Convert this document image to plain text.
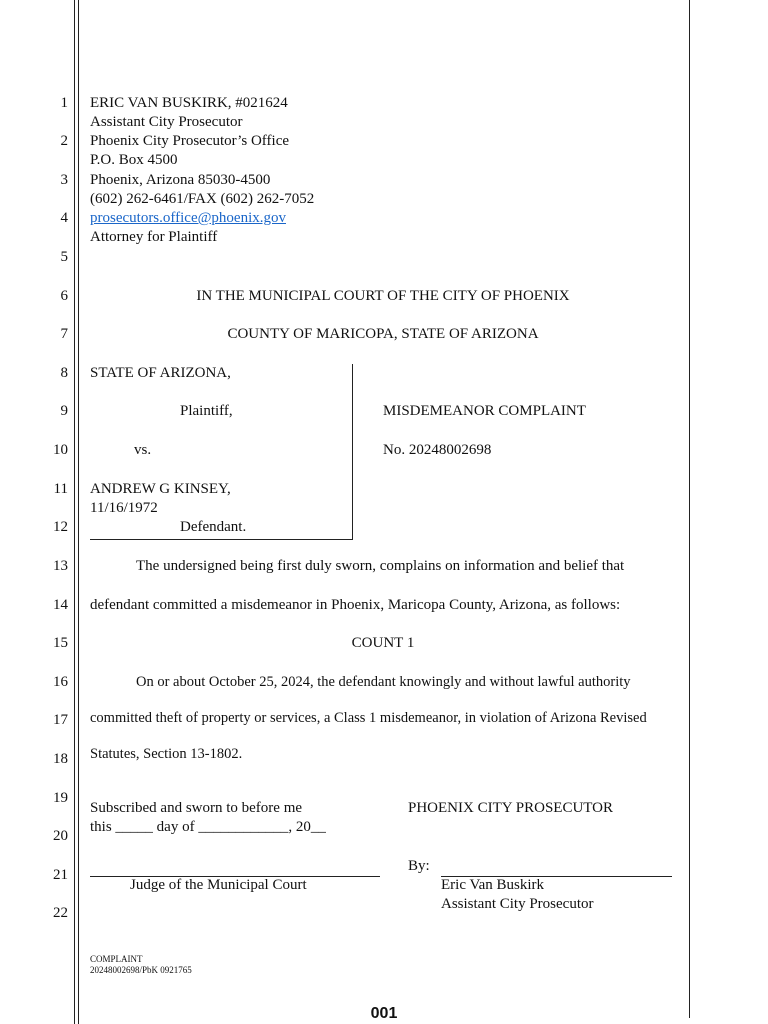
1
2
3
4
5
6
7
8
9
10
11
12
13
14
15
16
17
18
19
20
21
22
ERIC VAN BUSKIRK, #021624
Assistant City Prosecutor
Phoenix City Prosecutor’s Office
P.O. Box 4500
Phoenix, Arizona 85030-4500
(602) 262-6461/FAX (602) 262-7052
prosecutors.office@phoenix.gov
Attorney for Plaintiff
IN THE MUNICIPAL COURT OF THE CITY OF PHOENIX
COUNTY OF MARICOPA, STATE OF ARIZONA
STATE OF ARIZONA,
Plaintiff,
vs.
ANDREW G KINSEY,
11/16/1972
Defendant.
MISDEMEANOR COMPLAINT
No. 20248002698
The undersigned being first duly sworn, complains on information and belief that
defendant committed a misdemeanor in Phoenix, Maricopa County, Arizona, as follows:
COUNT 1
On or about October 25, 2024, the defendant knowingly and without lawful authority
committed theft of property or services, a Class 1 misdemeanor, in violation of Arizona Revised
Statutes, Section 13-1802.
Subscribed and sworn to before me
this _____ day of ____________, 20__
Judge of the Municipal Court
PHOENIX CITY PROSECUTOR
By:
Eric Van Buskirk
Assistant City Prosecutor
COMPLAINT
20248002698/PbK 0921765
001
